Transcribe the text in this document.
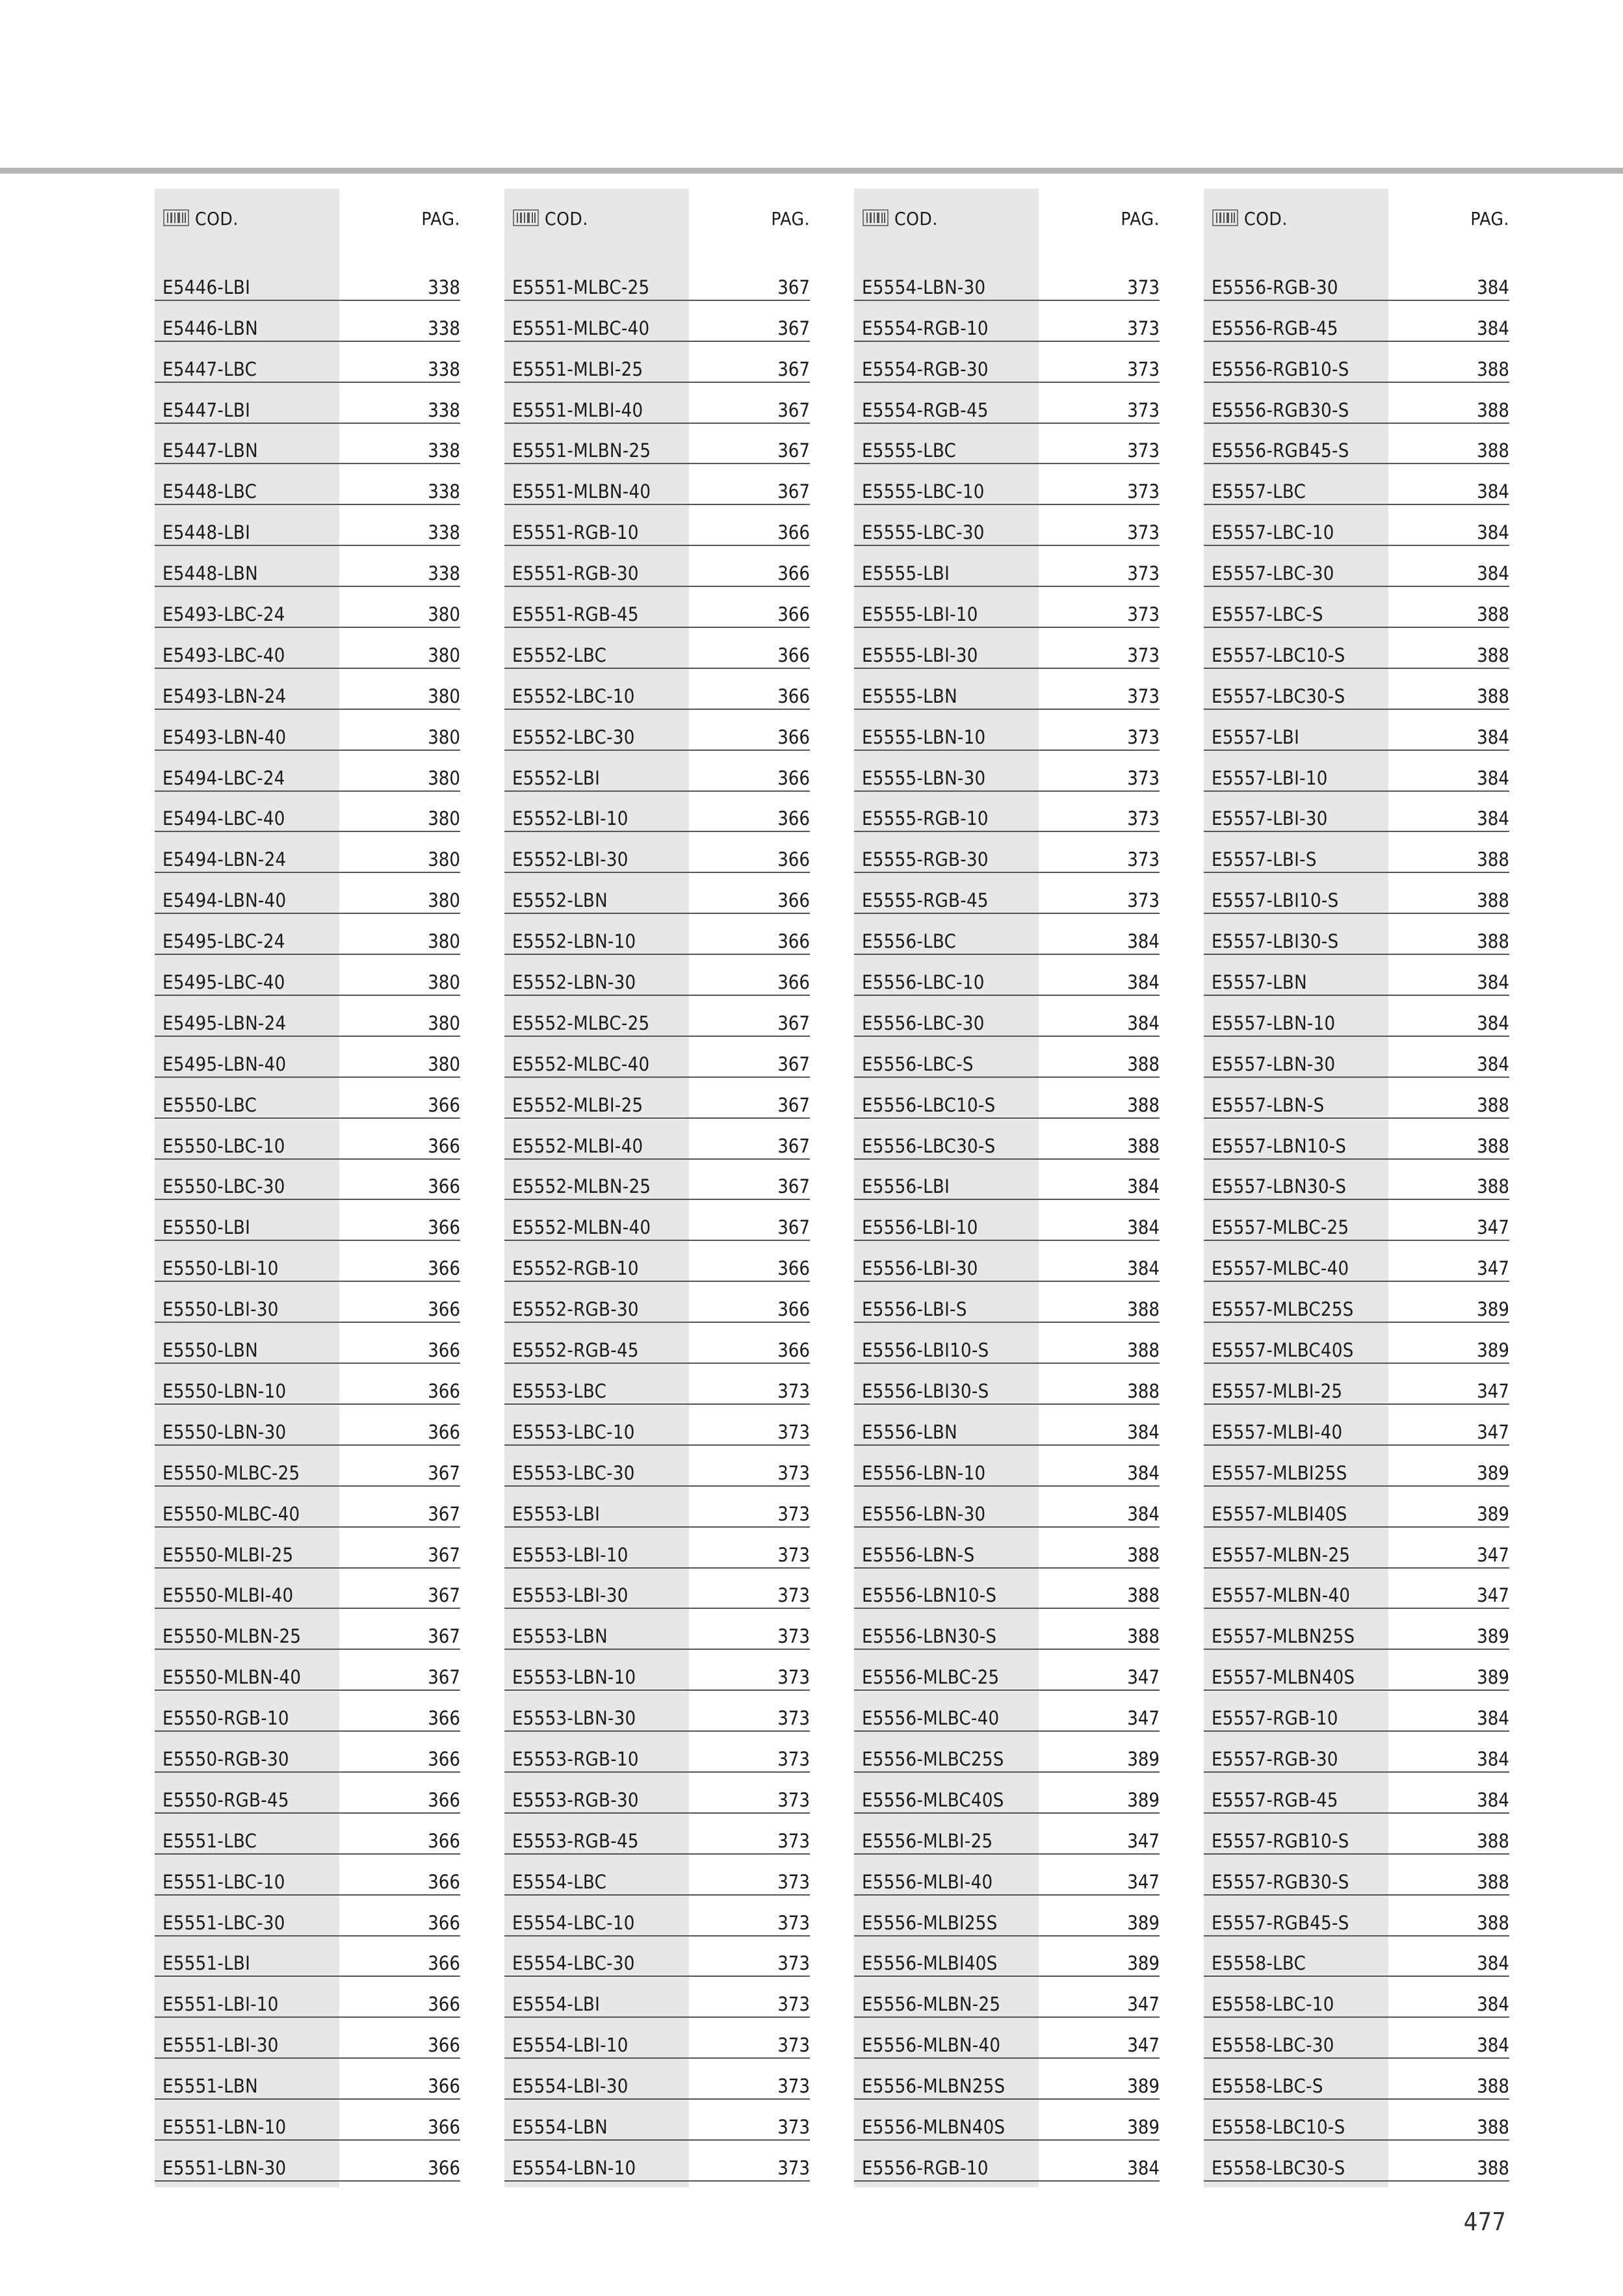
COD.	PAG.
E5446-LBI	338
E5446-LBN	338
E5447-LBC	338
E5447-LBI	338
E5447-LBN	338
E5448-LBC	338
E5448-LBI	338
E5448-LBN	338
E5493-LBC-24	380
E5493-LBC-40	380
E5493-LBN-24	380
E5493-LBN-40	380
E5494-LBC-24	380
E5494-LBC-40	380
E5494-LBN-24	380
E5494-LBN-40	380
E5495-LBC-24	380
E5495-LBC-40	380
E5495-LBN-24	380
E5495-LBN-40	380
E5550-LBC	366
E5550-LBC-10	366
E5550-LBC-30	366
E5550-LBI	366
E5550-LBI-10	366
E5550-LBI-30	366
E5550-LBN	366
E5550-LBN-10	366
E5550-LBN-30	366
E5550-MLBC-25	367
E5550-MLBC-40	367
E5550-MLBI-25	367
E5550-MLBI-40	367
E5550-MLBN-25	367
E5550-MLBN-40	367
E5550-RGB-10	366
E5550-RGB-30	366
E5550-RGB-45	366
E5551-LBC	366
E5551-LBC-10	366
E5551-LBC-30	366
E5551-LBI	366
E5551-LBI-10	366
E5551-LBI-30	366
E5551-LBN	366
E5551-LBN-10	366
E5551-LBN-30	366
COD.	PAG.
E5551-MLBC-25	367
E5551-MLBC-40	367
E5551-MLBI-25	367
E5551-MLBI-40	367
E5551-MLBN-25	367
E5551-MLBN-40	367
E5551-RGB-10	366
E5551-RGB-30	366
E5551-RGB-45	366
E5552-LBC	366
E5552-LBC-10	366
E5552-LBC-30	366
E5552-LBI	366
E5552-LBI-10	366
E5552-LBI-30	366
E5552-LBN	366
E5552-LBN-10	366
E5552-LBN-30	366
E5552-MLBC-25	367
E5552-MLBC-40	367
E5552-MLBI-25	367
E5552-MLBI-40	367
E5552-MLBN-25	367
E5552-MLBN-40	367
E5552-RGB-10	366
E5552-RGB-30	366
E5552-RGB-45	366
E5553-LBC	373
E5553-LBC-10	373
E5553-LBC-30	373
E5553-LBI	373
E5553-LBI-10	373
E5553-LBI-30	373
E5553-LBN	373
E5553-LBN-10	373
E5553-LBN-30	373
E5553-RGB-10	373
E5553-RGB-30	373
E5553-RGB-45	373
E5554-LBC	373
E5554-LBC-10	373
E5554-LBC-30	373
E5554-LBI	373
E5554-LBI-10	373
E5554-LBI-30	373
E5554-LBN	373
E5554-LBN-10	373
COD.	PAG.
E5554-LBN-30	373
E5554-RGB-10	373
E5554-RGB-30	373
E5554-RGB-45	373
E5555-LBC	373
E5555-LBC-10	373
E5555-LBC-30	373
E5555-LBI	373
E5555-LBI-10	373
E5555-LBI-30	373
E5555-LBN	373
E5555-LBN-10	373
E5555-LBN-30	373
E5555-RGB-10	373
E5555-RGB-30	373
E5555-RGB-45	373
E5556-LBC	384
E5556-LBC-10	384
E5556-LBC-30	384
E5556-LBC-S	388
E5556-LBC10-S	388
E5556-LBC30-S	388
E5556-LBI	384
E5556-LBI-10	384
E5556-LBI-30	384
E5556-LBI-S	388
E5556-LBI10-S	388
E5556-LBI30-S	388
E5556-LBN	384
E5556-LBN-10	384
E5556-LBN-30	384
E5556-LBN-S	388
E5556-LBN10-S	388
E5556-LBN30-S	388
E5556-MLBC-25	347
E5556-MLBC-40	347
E5556-MLBC25S	389
E5556-MLBC40S	389
E5556-MLBI-25	347
E5556-MLBI-40	347
E5556-MLBI25S	389
E5556-MLBI40S	389
E5556-MLBN-25	347
E5556-MLBN-40	347
E5556-MLBN25S	389
E5556-MLBN40S	389
E5556-RGB-10	384
COD.	PAG.
E5556-RGB-30	384
E5556-RGB-45	384
E5556-RGB10-S	388
E5556-RGB30-S	388
E5556-RGB45-S	388
E5557-LBC	384
E5557-LBC-10	384
E5557-LBC-30	384
E5557-LBC-S	388
E5557-LBC10-S	388
E5557-LBC30-S	388
E5557-LBI	384
E5557-LBI-10	384
E5557-LBI-30	384
E5557-LBI-S	388
E5557-LBI10-S	388
E5557-LBI30-S	388
E5557-LBN	384
E5557-LBN-10	384
E5557-LBN-30	384
E5557-LBN-S	388
E5557-LBN10-S	388
E5557-LBN30-S	388
E5557-MLBC-25	347
E5557-MLBC-40	347
E5557-MLBC25S	389
E5557-MLBC40S	389
E5557-MLBI-25	347
E5557-MLBI-40	347
E5557-MLBI25S	389
E5557-MLBI40S	389
E5557-MLBN-25	347
E5557-MLBN-40	347
E5557-MLBN25S	389
E5557-MLBN40S	389
E5557-RGB-10	384
E5557-RGB-30	384
E5557-RGB-45	384
E5557-RGB10-S	388
E5557-RGB30-S	388
E5557-RGB45-S	388
E5558-LBC	384
E5558-LBC-10	384
E5558-LBC-30	384
E5558-LBC-S	388
E5558-LBC10-S	388
E5558-LBC30-S	388
477
